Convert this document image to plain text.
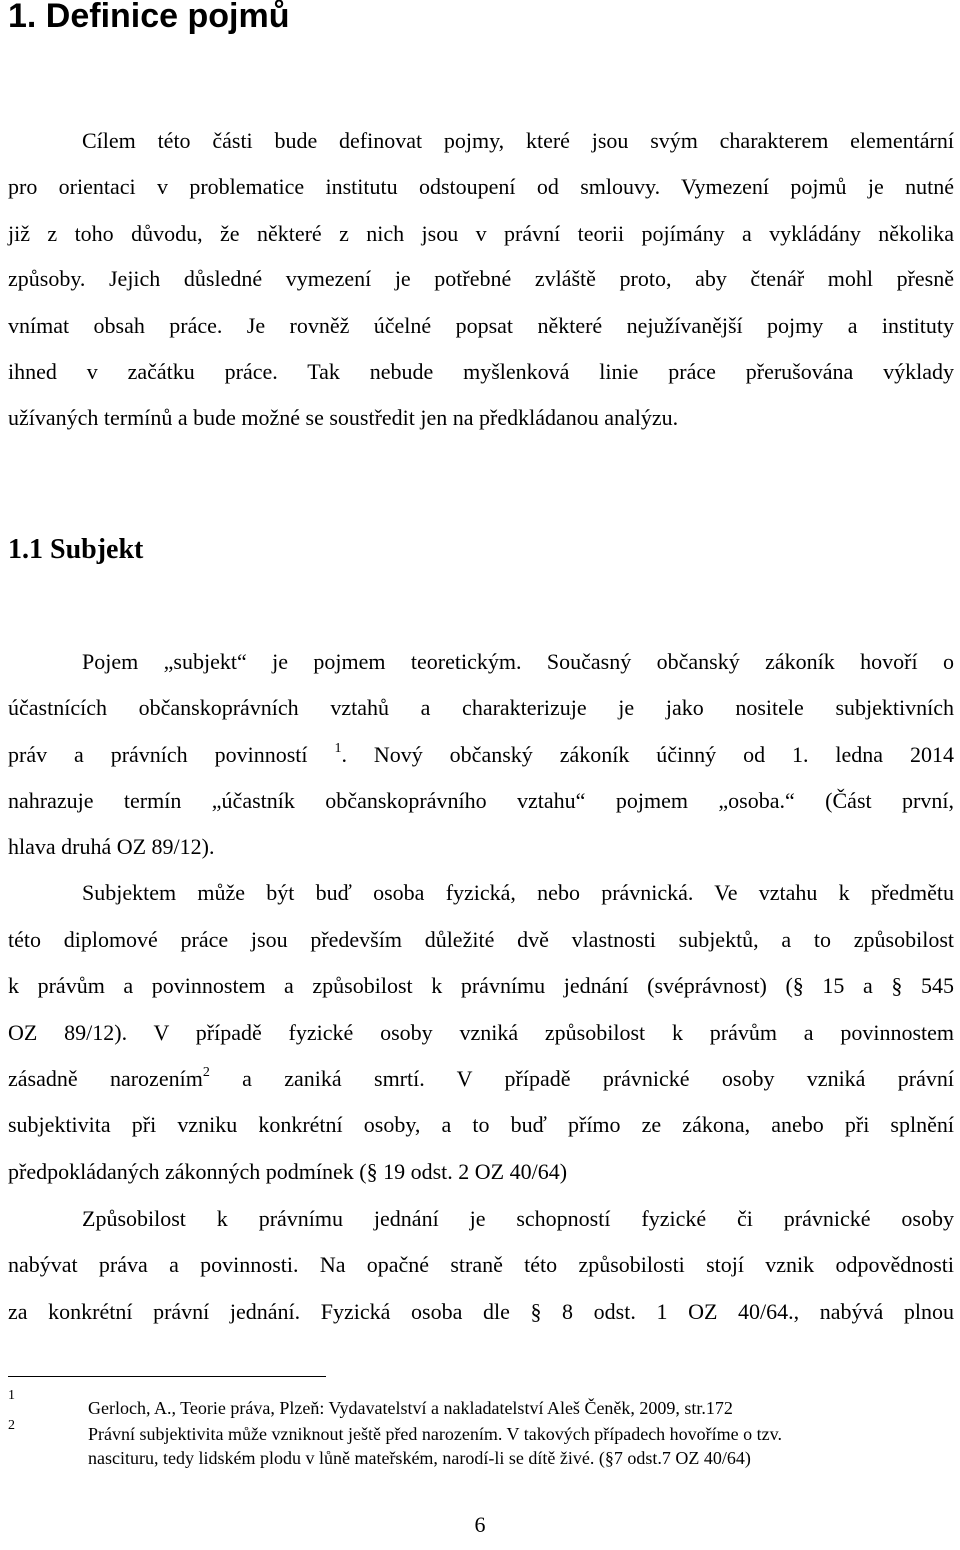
1. Definice pojmů
Cílem této části bude definovat pojmy, které jsou svým charakterem elementární
pro orientaci v problematice institutu odstoupení od smlouvy. Vymezení pojmů je nutné
již z toho důvodu, že některé z nich jsou v právní teorii pojímány a vykládány několika
způsoby. Jejich důsledné vymezení je potřebné zvláště proto, aby čtenář mohl přesně
vnímat obsah práce. Je rovněž účelné popsat některé nejužívanější pojmy a instituty
ihned v začátku práce. Tak nebude myšlenková linie práce přerušována výklady
užívaných termínů a bude možné se soustředit jen na předkládanou analýzu.
1.1 Subjekt
Pojem „subjekt“ je pojmem teoretickým. Současný občanský zákoník hovoří o
účastnících občanskoprávních vztahů a charakterizuje je jako nositele subjektivních
práv a právních povinností $^1$. Nový občanský zákoník účinný od 1. ledna 2014
nahrazuje termín „účastník občanskoprávního vztahu“ pojmem „osoba.“ (Část první,
hlava druhá OZ 89/12).
Subjektem může být buď osoba fyzická, nebo právnická. Ve vztahu k předmětu
této diplomové práce jsou především důležité dvě vlastnosti subjektů, a to způsobilost
k právům a povinnostem a způsobilost k právnímu jednání (svéprávnost) (§ 15 a § 545
OZ 89/12). V případě fyzické osoby vzniká způsobilost k právům a povinnostem
zásadně narozením$^2$ a zaniká smrtí. V případě právnické osoby vzniká právní
subjektivita při vzniku konkrétní osoby, a to buď přímo ze zákona, anebo při splnění
předpokládaných zákonných podmínek (§ 19 odst. 2 OZ 40/64)
Způsobilost k právnímu jednání je schopností fyzické či právnické osoby
nabývat práva a povinnosti. Na opačné straně této způsobilosti stojí vznik odpovědnosti
za konkrétní právní jednání. Fyzická osoba dle § 8 odst. 1 OZ 40/64., nabývá plnou
1
Gerloch, A., Teorie práva, Plzeň: Vydavatelství a nakladatelství Aleš Čeněk, 2009, str.172
2	Právní subjektivita může vzniknout ještě před narozením. V takových případech hovoříme o tzv.
nascituru, tedy lidském plodu v lůně mateřském, narodí-li se dítě živé. (§7 odst.7 OZ 40/64)
6
